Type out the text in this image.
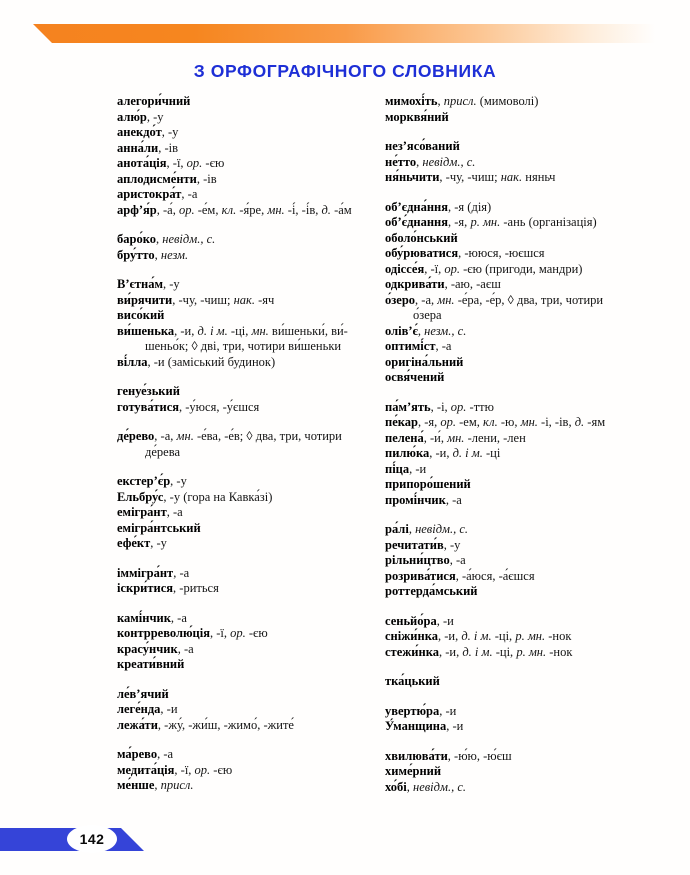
З ОРФОГРАФІЧНОГО СЛОВНИКА
алегори́чний
алю́р, -у
анекдо́т, -у
анна́ли, -ів
анота́ція, -ї, ор. -єю
аплодисме́нти, -ів
аристокра́т, -а
арф’я́р, -а́, ор. -е́м, кл. -я́ре, мн. -і́, -і́в, д. -а́м
баро́ко, невідм., с.
бру́тто, незм.
В’єтна́м, -у
ви́рячити, -чу, -чиш; нак. -яч
висо́кий
ви́шенька, -и, д. і м. -ці, мн. ви́шеньки́, ви́-
шеньо́к; ◊ дві, три, чотири ви́шеньки
ві́лла, -и (заміський будинок)
генуе́зький
готува́тися, -у́юся, -у́єшся
де́рево, -а, мн. -е́ва, -е́в; ◊ два, три, чотири
де́рева
екстер’є́р, -у
Ельбру́с, -у (гора на Кавка́зі)
емігра́нт, -а
емігра́нтський
ефе́кт, -у
іммігра́нт, -а
іскри́тися, -риться
камі́нчик, -а
контрреволю́ція, -ї, ор. -єю
красу́нчик, -а
креати́вний
ле́в’ячий
леге́нда, -и
лежа́ти, -жу́, -жи́ш, -жимо́, -жите́
ма́рево, -а
медита́ція, -ї, ор. -єю
ме́нше, присл.
мимохі́ть, присл. (мимоволі)
морквя́ний
нез’ясо́ваний
не́тто, невідм., с.
ня́ньчити, -чу, -чиш; нак. няньч
об’єдна́ння, -я (дія)
об’є́днання, -я, р. мн. -ань (організація)
оболо́нський
обу́рюватися, -ююся, -юєшся
одіссе́я, -ї, ор. -єю (пригоди, мандри)
одкрива́ти, -аю, -аєш
о́зеро, -а, мн. -е́ра, -е́р, ◊ два, три, чотири
о́зера
олів’є́, незм., с.
оптимі́ст, -а
оригіна́льний
освя́чений
па́м’ять, -і, ор. -ттю
пе́кар, -я, ор. -ем, кл. -ю, мн. -і, -ів, д. -ям
пелена́, -и́, мн. -лени, -лен
пилю́ка, -и, д. і м. -ці
пі́ца, -и
припоро́шений
промі́нчик, -а
ра́лі, невідм., с.
речитати́в, -у
рільни́цтво, -а
розрива́тися, -а́юся, -а́єшся
роттерда́мський
сеньйо́ра, -и
сніжи́нка, -и, д. і м. -ці, р. мн. -нок
стежи́нка, -и, д. і м. -ці, р. мн. -нок
тка́цький
увертю́ра, -и
У́манщина, -и
хвилюва́ти, -ю́ю, -ю́єш
химе́рний
хо́бі, невідм., с.
142
